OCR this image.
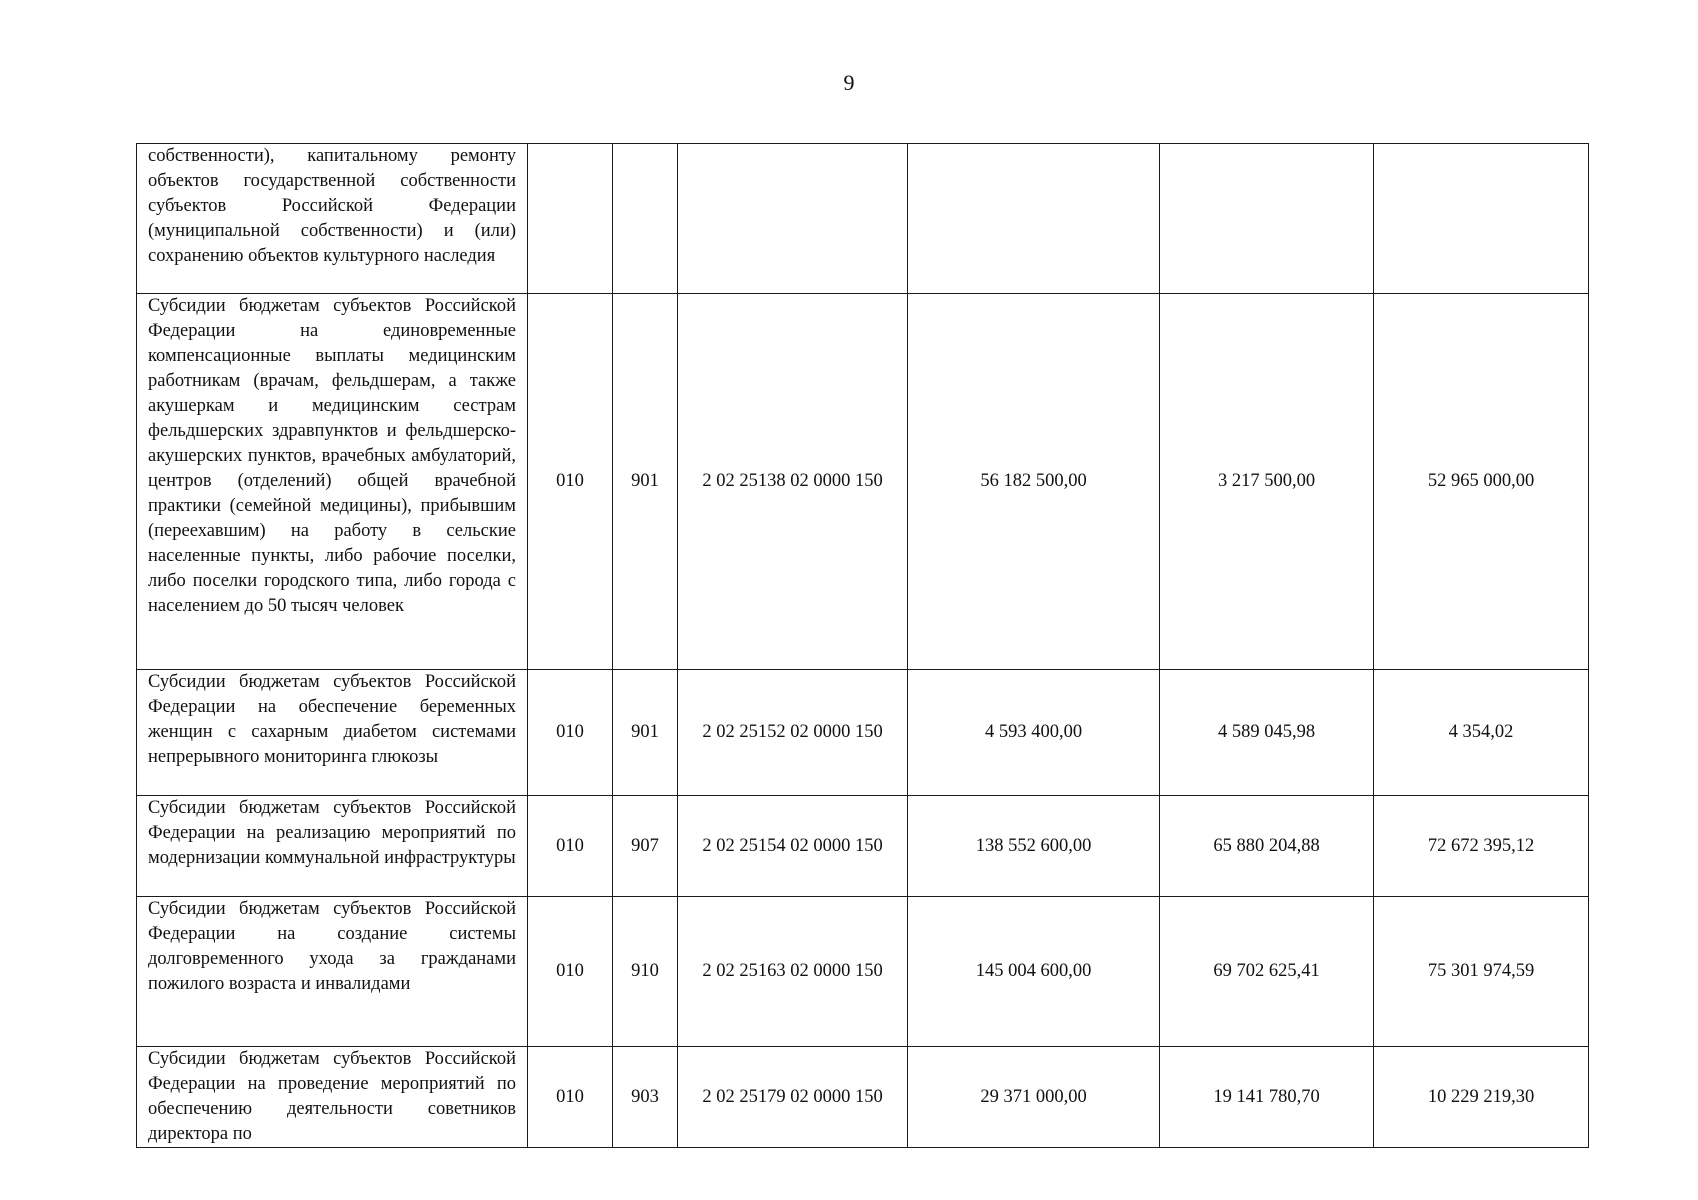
9
собственности), капитальному ремонту объектов государственной собственности субъектов Российской Федерации (муниципальной собственности) и (или) сохранению объектов культурного наследия						
Субсидии бюджетам субъектов Российской Федерации на единовременные компенсационные выплаты медицинским работникам (врачам, фельдшерам, а также акушеркам и медицинским сестрам фельдшерских здравпунктов и фельдшерско-акушерских пунктов, врачебных амбулаторий, центров (отделений) общей врачебной практики (семейной медицины), прибывшим (переехавшим) на работу в сельские населенные пункты, либо рабочие поселки, либо поселки городского типа, либо города с населением до 50 тысяч человек	010	901	2 02 25138 02 0000 150	56 182 500,00	3 217 500,00	52 965 000,00
Субсидии бюджетам субъектов Российской Федерации на обеспечение беременных женщин с сахарным диабетом системами непрерывного мониторинга глюкозы	010	901	2 02 25152 02 0000 150	4 593 400,00	4 589 045,98	4 354,02
Субсидии бюджетам субъектов Российской Федерации на реализацию мероприятий по модернизации коммунальной инфраструктуры	010	907	2 02 25154 02 0000 150	138 552 600,00	65 880 204,88	72 672 395,12
Субсидии бюджетам субъектов Российской Федерации на создание системы долговременного ухода за гражданами пожилого возраста и инвалидами	010	910	2 02 25163 02 0000 150	145 004 600,00	69 702 625,41	75 301 974,59
Субсидии бюджетам субъектов Российской Федерации на проведение мероприятий по обеспечению деятельности советников директора по	010	903	2 02 25179 02 0000 150	29 371 000,00	19 141 780,70	10 229 219,30
